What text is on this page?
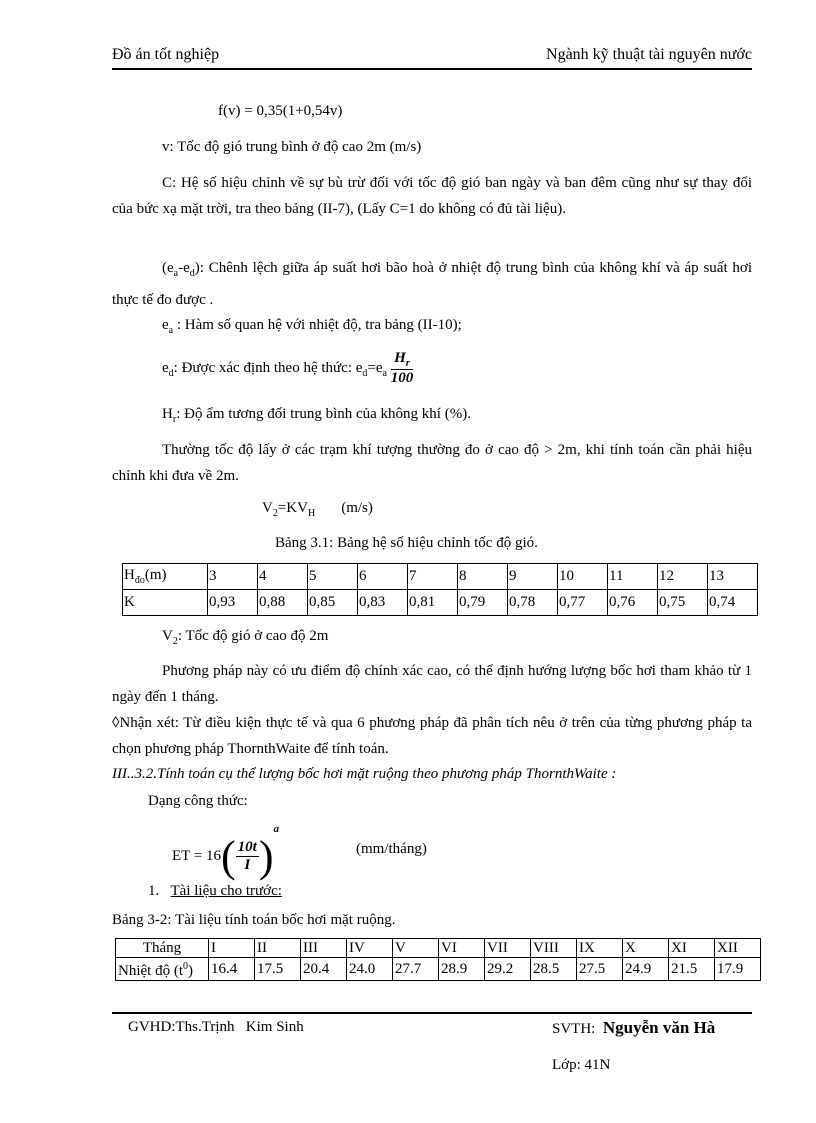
Đồ án tốt nghiệp	Ngành kỹ thuật tài nguyên nước
f(v) = 0,35(1+0,54v)
v: Tốc độ gió trung bình ở độ cao 2m (m/s)
C: Hệ số hiệu chỉnh về sự bù trừ đối với tốc độ gió ban ngày và ban đêm cũng như sự thay đổi của bức xạ mặt trời, tra theo bảng (II-7), (Lấy C=1 do không có đủ tài liệu).
$(e_a-e_d)$: Chênh lệch giữa áp suất hơi bão hoà ở nhiệt độ trung bình của không khí và áp suất hơi thực tế đo được .
$e_a$ : Hàm số quan hệ với nhiệt độ, tra bảng (II-10);
$e_d$: Được xác định theo hệ thức: $e_d=e_a \frac{H_r}{100}$
$H_r$: Độ ẩm tương đối trung bình của không khí (%).
Thường tốc độ lấy ở các trạm khí tượng thường đo ở cao độ > 2m, khi tính toán cần phải hiệu chỉnh khi đưa về 2m.
$V_2=KV_H$ (m/s)
Bảng 3.1: Bảng hệ số hiệu chỉnh tốc độ gió.
$H_{đo}(m)$	3	4	5	6	7	8	9	10	11	12	13
K	0,93	0,88	0,85	0,83	0,81	0,79	0,78	0,77	0,76	0,75	0,74
$V_2$: Tốc độ gió ở cao độ 2m
Phương pháp này có ưu điểm độ chính xác cao, có thể định hướng lượng bốc hơi tham khảo từ 1 ngày đến 1 tháng.
◊Nhận xét: Từ điều kiện thực tế và qua 6 phương pháp đã phân tích nêu ở trên của từng phương pháp ta chọn phương pháp ThornthWaite để tính toán.
III..3.2.Tính toán cụ thể lượng bốc hơi mặt ruộng theo phương pháp ThornthWaite :
Dạng công thức:
ET = $16( \frac{10t}{I} )^a$
(mm/tháng)
1. Tài liệu cho trước:
Bảng 3-2: Tài liệu tính toán bốc hơi mặt ruộng.
Tháng	I	II	III	IV	V	VI	VII	VIII	IX	X	XI	XII
Nhiệt độ $(t^0)$	16.4	17.5	20.4	24.0	27.7	28.9	29.2	28.5	27.5	24.9	21.5	17.9
GVHD:Ths.Trịnh   Kim Sinh	SVTH: Nguyễn văn Hà
Lớp: 41N
